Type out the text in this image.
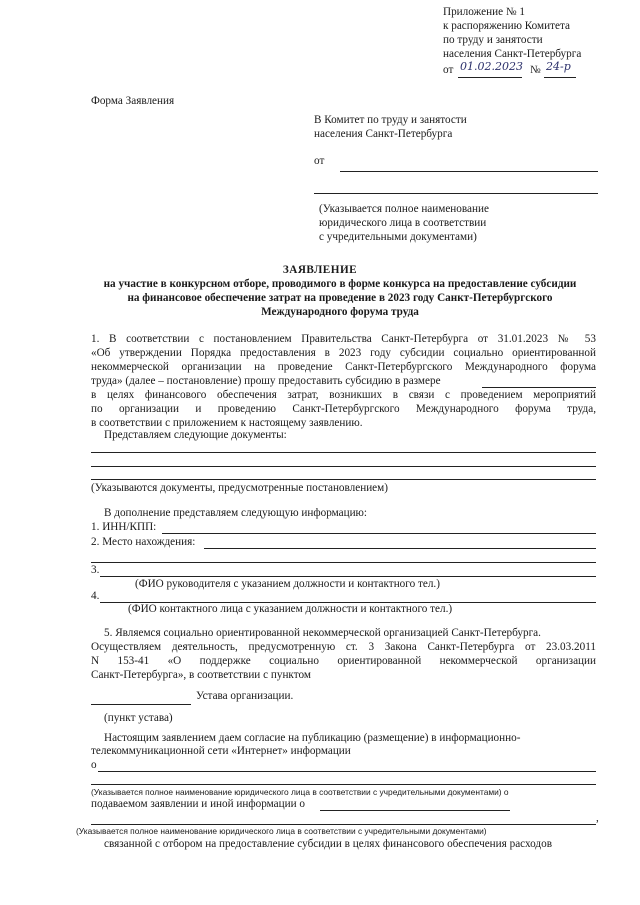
Приложение № 1
к распоряжению Комитета
по труду и занятости
населения Санкт-Петербурга
от 01.02.2023 № 24-р
Форма Заявления
В Комитет по труду и занятости
населения Санкт-Петербурга
от
(Указывается полное наименование
юридического лица в соответствии
с учредительными документами)
ЗАЯВЛЕНИЕ
на участие в конкурсном отборе, проводимого в форме конкурса на предоставление субсидии
на финансовое обеспечение затрат на проведение в 2023 году Санкт-Петербургского
Международного форума труда
1. В соответствии с постановлением Правительства Санкт-Петербурга от 31.01.2023 № 53
«Об утверждении Порядка предоставления в 2023 году субсидии социально ориентированной
некоммерческой организации на проведение Санкт-Петербургского Международного форума
труда» (далее – постановление) прошу предоставить субсидию в размере
в целях финансового обеспечения затрат, возникших в связи с проведением мероприятий
по организации и проведению Санкт-Петербургского Международного форума труда,
в соответствии с приложением к настоящему заявлению.
Представляем следующие документы:
(Указываются документы, предусмотренные постановлением)
В дополнение представляем следующую информацию:
1. ИНН/КПП:
2. Место нахождения:
3.
(ФИО руководителя с указанием должности и контактного тел.)
4.
(ФИО контактного лица с указанием должности и контактного тел.)
5. Являемся социально ориентированной некоммерческой организацией Санкт-Петербурга.
Осуществляем деятельность, предусмотренную ст. 3 Закона Санкт-Петербурга от 23.03.2011
N 153-41 «О поддержке социально ориентированной некоммерческой организации
Санкт-Петербурга», в соответствии с пунктом
Устава организации.
(пункт устава)
Настоящим заявлением даем согласие на публикацию (размещение) в информационно-
телекоммуникационной сети «Интернет» информации
о
(Указывается полное наименование юридического лица в соответствии с учредительными документами) о
подаваемом заявлении и иной информации о
,
(Указывается полное наименование юридического лица в соответствии с учредительными документами)
связанной с отбором на предоставление субсидии в целях финансового обеспечения расходов
